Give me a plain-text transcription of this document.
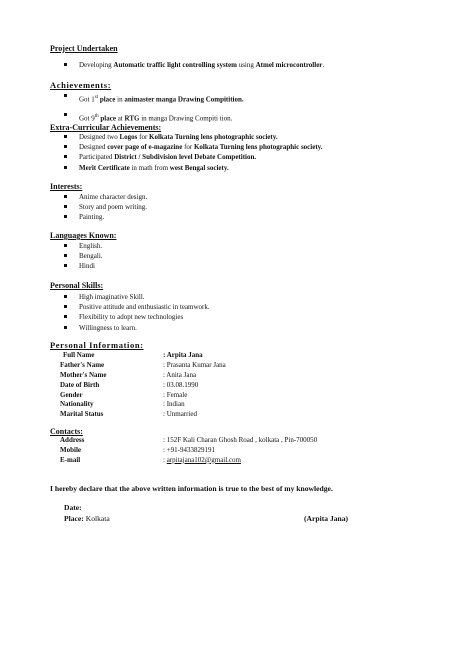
Project Undertaken
Developing Automatic traffic light controlling system using Atmel microcontroller.
Achievements:
Got 1st place in animaster manga Drawing Compitition.
Got 9th place at RTG in manga Drawing Compiti tion.
Extra-Curricular Achievements:
Designed two Logos for Kolkata Turning lens photographic society.
Designed cover page of e-magazine for Kolkata Turning lens photographic society.
Participated District / Subdivision level Debate Competition.
Merit Certificate in math from west Bengal society.
Interests:
Anime character design.
Story and poem writing.
Painting.
Languages Known:
English.
Bengali.
Hindi
Personal Skills:
High imaginative Skill.
Positive attitude and enthusiastic in teamwork.
Flexibility to adopt new technologies
Willingness to learn.
Personal Information:
Full Name	: Arpita Jana
Father's Name	: Prasanta Kumar Jana
Mother's Name	: Anita Jana
Date of Birth	: 03.08.1990
Gender	: Female
Nationality	: Indian
Marital Status	: Unmarried
Contacts:
Address	: 152F Kali Charan Ghosh Road , kolkata , Pin-700050
Mobile	: +91-9433829191
E-mail	: arpitajana102@gmail.com
I hereby declare that the above written information is true to the best of my knowledge.
Date:
Place: Kolkata	(Arpita Jana)
